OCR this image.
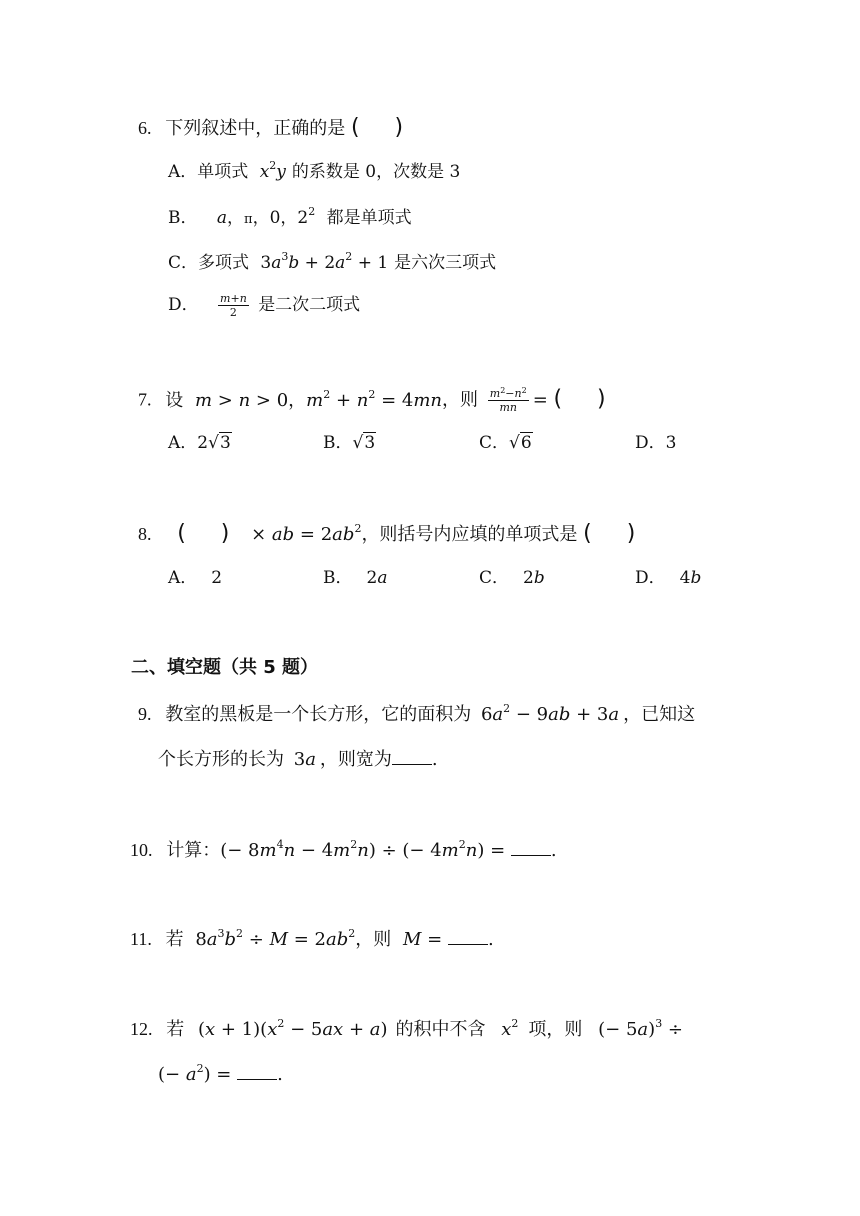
6. 下列叙述中，正确的是 (     )
A．单项式 $x^2y$ 的系数是 0，次数是 3
B． a，π，0，$2^2$ 都是单项式
C．多项式 $3a^3b + 2a^2 + 1$ 是六次三项式
D． $\frac{m+n}{2}$ 是二次二项式
7. 设 m > n > 0，$m^2 + n^2 = 4mn$，则 $\frac{m^2-n^2}{mn}$ = (     )
A．2√3	B．√3	C．√6	D．3
8. (     ) × ab = $2ab^2$，则括号内应填的单项式是 (     )
A． 2	B． 2a	C． 2b	D． 4b
二、填空题（共 5 题）
9. 教室的黑板是一个长方形，它的面积为 $6a^2 - 9ab + 3a$ ，已知这
个长方形的长为 3a ，则宽为 .
10. 计算：(− $8m^4n - 4m^2n$) ÷ (− $4m^2n$) = .
11. 若 $8a^3b^2 \div M = 2ab^2$，则 M = .
12. 若 $(x + 1)(x^2 - 5ax + a)$ 的积中不含 $x^2$ 项，则 (− 5a)$^3$ ÷
(− $a^2$) = .
